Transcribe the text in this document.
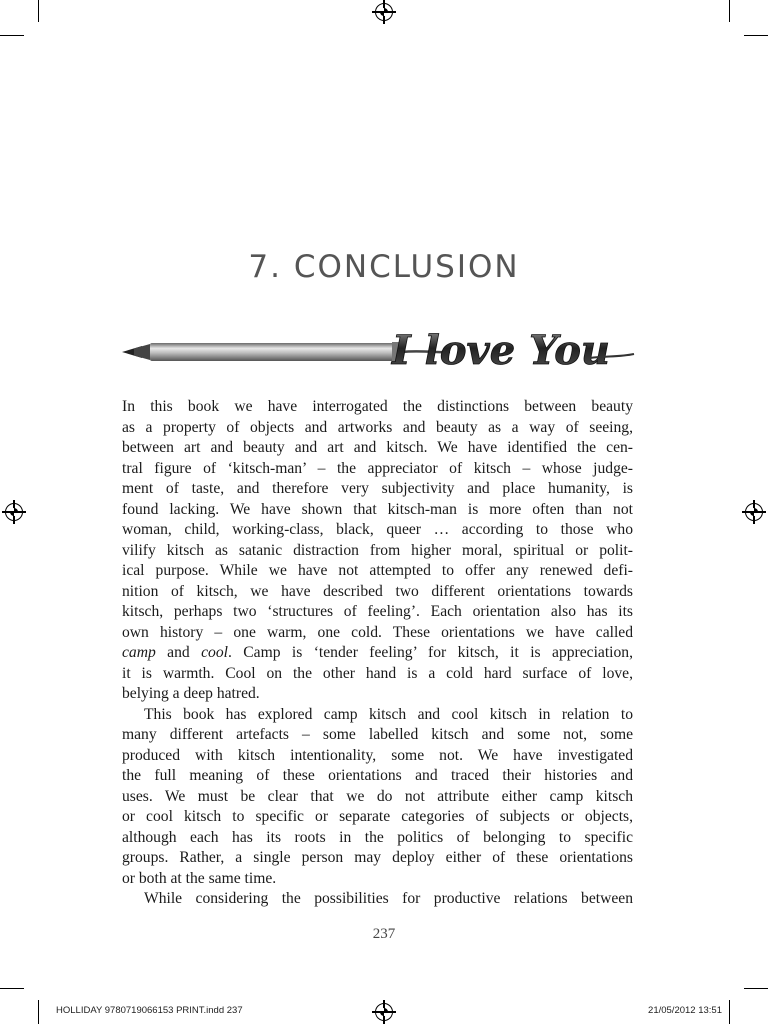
7. CONCLUSION
I love You

In this book we have interrogated the distinctions between beauty

as a property of objects and artworks and beauty as a way of seeing,

between art and beauty and art and kitsch. We have identified the cen-

tral figure of ‘kitsch-man’ – the appreciator of kitsch – whose judge-

ment of taste, and therefore very subjectivity and place humanity, is

found lacking. We have shown that kitsch-man is more often than not

woman, child, working-class, black, queer … according to those who

vilify kitsch as satanic distraction from higher moral, spiritual or polit-

ical purpose. While we have not attempted to offer any renewed defi-

nition of kitsch, we have described two different orientations towards

kitsch, perhaps two ‘structures of feeling’. Each orientation also has its

own history – one warm, one cold. These orientations we have called

camp and cool. Camp is ‘tender feeling’ for kitsch, it is appreciation,

it is warmth. Cool on the other hand is a cold hard surface of love,

belying a deep hatred.

This book has explored camp kitsch and cool kitsch in relation to

many different artefacts – some labelled kitsch and some not, some

produced with kitsch intentionality, some not. We have investigated

the full meaning of these orientations and traced their histories and

uses. We must be clear that we do not attribute either camp kitsch

or cool kitsch to specific or separate categories of subjects or objects,

although each has its roots in the politics of belonging to specific

groups. Rather, a single person may deploy either of these orientations

or both at the same time.

While considering the possibilities for productive relations between

237
HOLLIDAY 9780719066153 PRINT.indd 237	21/05/2012 13:51
